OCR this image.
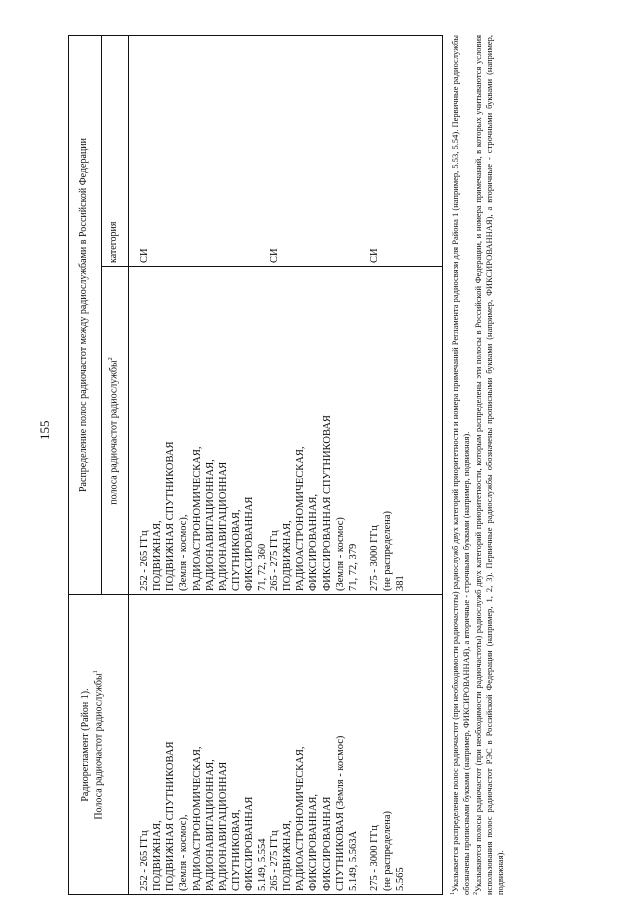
155
Радиорегламент (Район 1). Полоса радиочастот радиослужбы$^1$
Распределение полос радиочастот между радиослужбами в Российской Федерации полоса радиочастот радиослужбы$^2$
категория
252 - 265 ГГц
ПОДВИЖНАЯ,
ПОДВИЖНАЯ СПУТНИКОВАЯ
(Земля - космос),
РАДИОАСТРОНОМИЧЕСКАЯ,
РАДИОНАВИГАЦИОННАЯ,
РАДИОНАВИГАЦИОННАЯ
СПУТНИКОВАЯ,
ФИКСИРОВАННАЯ
5.149, 5.554
252 - 265 ГГц
ПОДВИЖНАЯ,
ПОДВИЖНАЯ СПУТНИКОВАЯ
(Земля - космос),
РАДИОАСТРОНОМИЧЕСКАЯ,
РАДИОНАВИГАЦИОННАЯ,
РАДИОНАВИГАЦИОННАЯ
СПУТНИКОВАЯ,
ФИКСИРОВАННАЯ
71, 72, 360
СИ
265 - 275 ГГц
ПОДВИЖНАЯ,
РАДИОАСТРОНОМИЧЕСКАЯ,
ФИКСИРОВАННАЯ,
ФИКСИРОВАННАЯ
СПУТНИКОВАЯ (Земля - космос)
5.149, 5.563А
265 - 275 ГГц
ПОДВИЖНАЯ,
РАДИОАСТРОНОМИЧЕСКАЯ,
ФИКСИРОВАННАЯ,
ФИКСИРОВАННАЯ СПУТНИКОВАЯ
(Земля - космос)
71, 72, 379
СИ
275 - 3000 ГГц
(не распределена)
5.565
275 - 3000 ГГц
(не распределена)
381
СИ

$^1$Указывается распределение полос радиочастот (при необходимости радиочастоты) радиослужб двух категорий приоритетности и номера примечаний Регламента радиосвязи для Района 1 (например, 5.53, 5.54). Первичные радиослужбы обозначены прописными буквами (например, ФИКСИРОВАННАЯ), а вторичные - строчными буквами (например, подвижная). $^2$Указываются полосы радиочастот (при необходимости радиочастоты) радиослужб двух категорий приоритетности, которым распределены эти полосы в Российской Федерации, и номера примечаний, в которых учитываются условия использования полос радиочастот РЭС в Российской Федерации (например, 1, 2, 3). Первичные радиослужбы обозначены прописными буквами (например, ФИКСИРОВАННАЯ), а вторичные - строчными буквами (например, подвижная).
